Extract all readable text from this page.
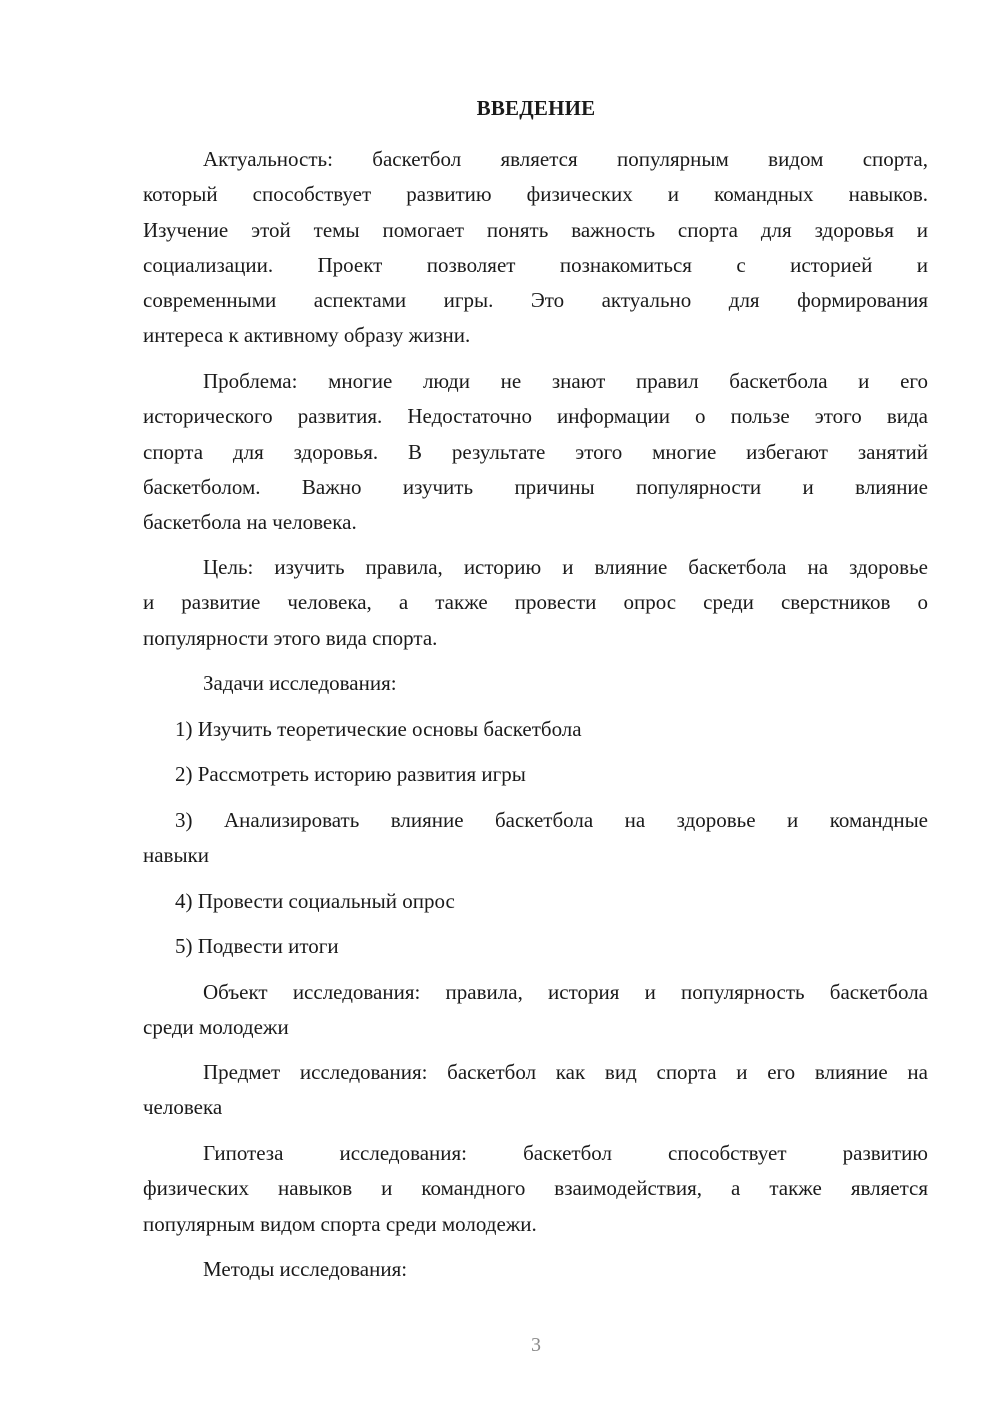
ВВЕДЕНИЕ
Актуальность: баскетбол является популярным видом спорта,
который способствует развитию физических и командных навыков.
Изучение этой темы помогает понять важность спорта для здоровья и
социализации. Проект позволяет познакомиться с историей и
современными аспектами игры. Это актуально для формирования
интереса к активному образу жизни.
Проблема: многие люди не знают правил баскетбола и его
исторического развития. Недостаточно информации о пользе этого вида
спорта для здоровья. В результате этого многие избегают занятий
баскетболом. Важно изучить причины популярности и влияние
баскетбола на человека.
Цель: изучить правила, историю и влияние баскетбола на здоровье
и развитие человека, а также провести опрос среди сверстников о
популярности этого вида спорта.
Задачи исследования:
1) Изучить теоретические основы баскетбола
2) Рассмотреть историю развития игры
3) Анализировать влияние баскетбола на здоровье и командные
навыки
4) Провести социальный опрос
5) Подвести итоги
Объект исследования: правила, история и популярность баскетбола
среди молодежи
Предмет исследования: баскетбол как вид спорта и его влияние на
человека
Гипотеза исследования: баскетбол способствует развитию
физических навыков и командного взаимодействия, а также является
популярным видом спорта среди молодежи.
Методы исследования:
3
